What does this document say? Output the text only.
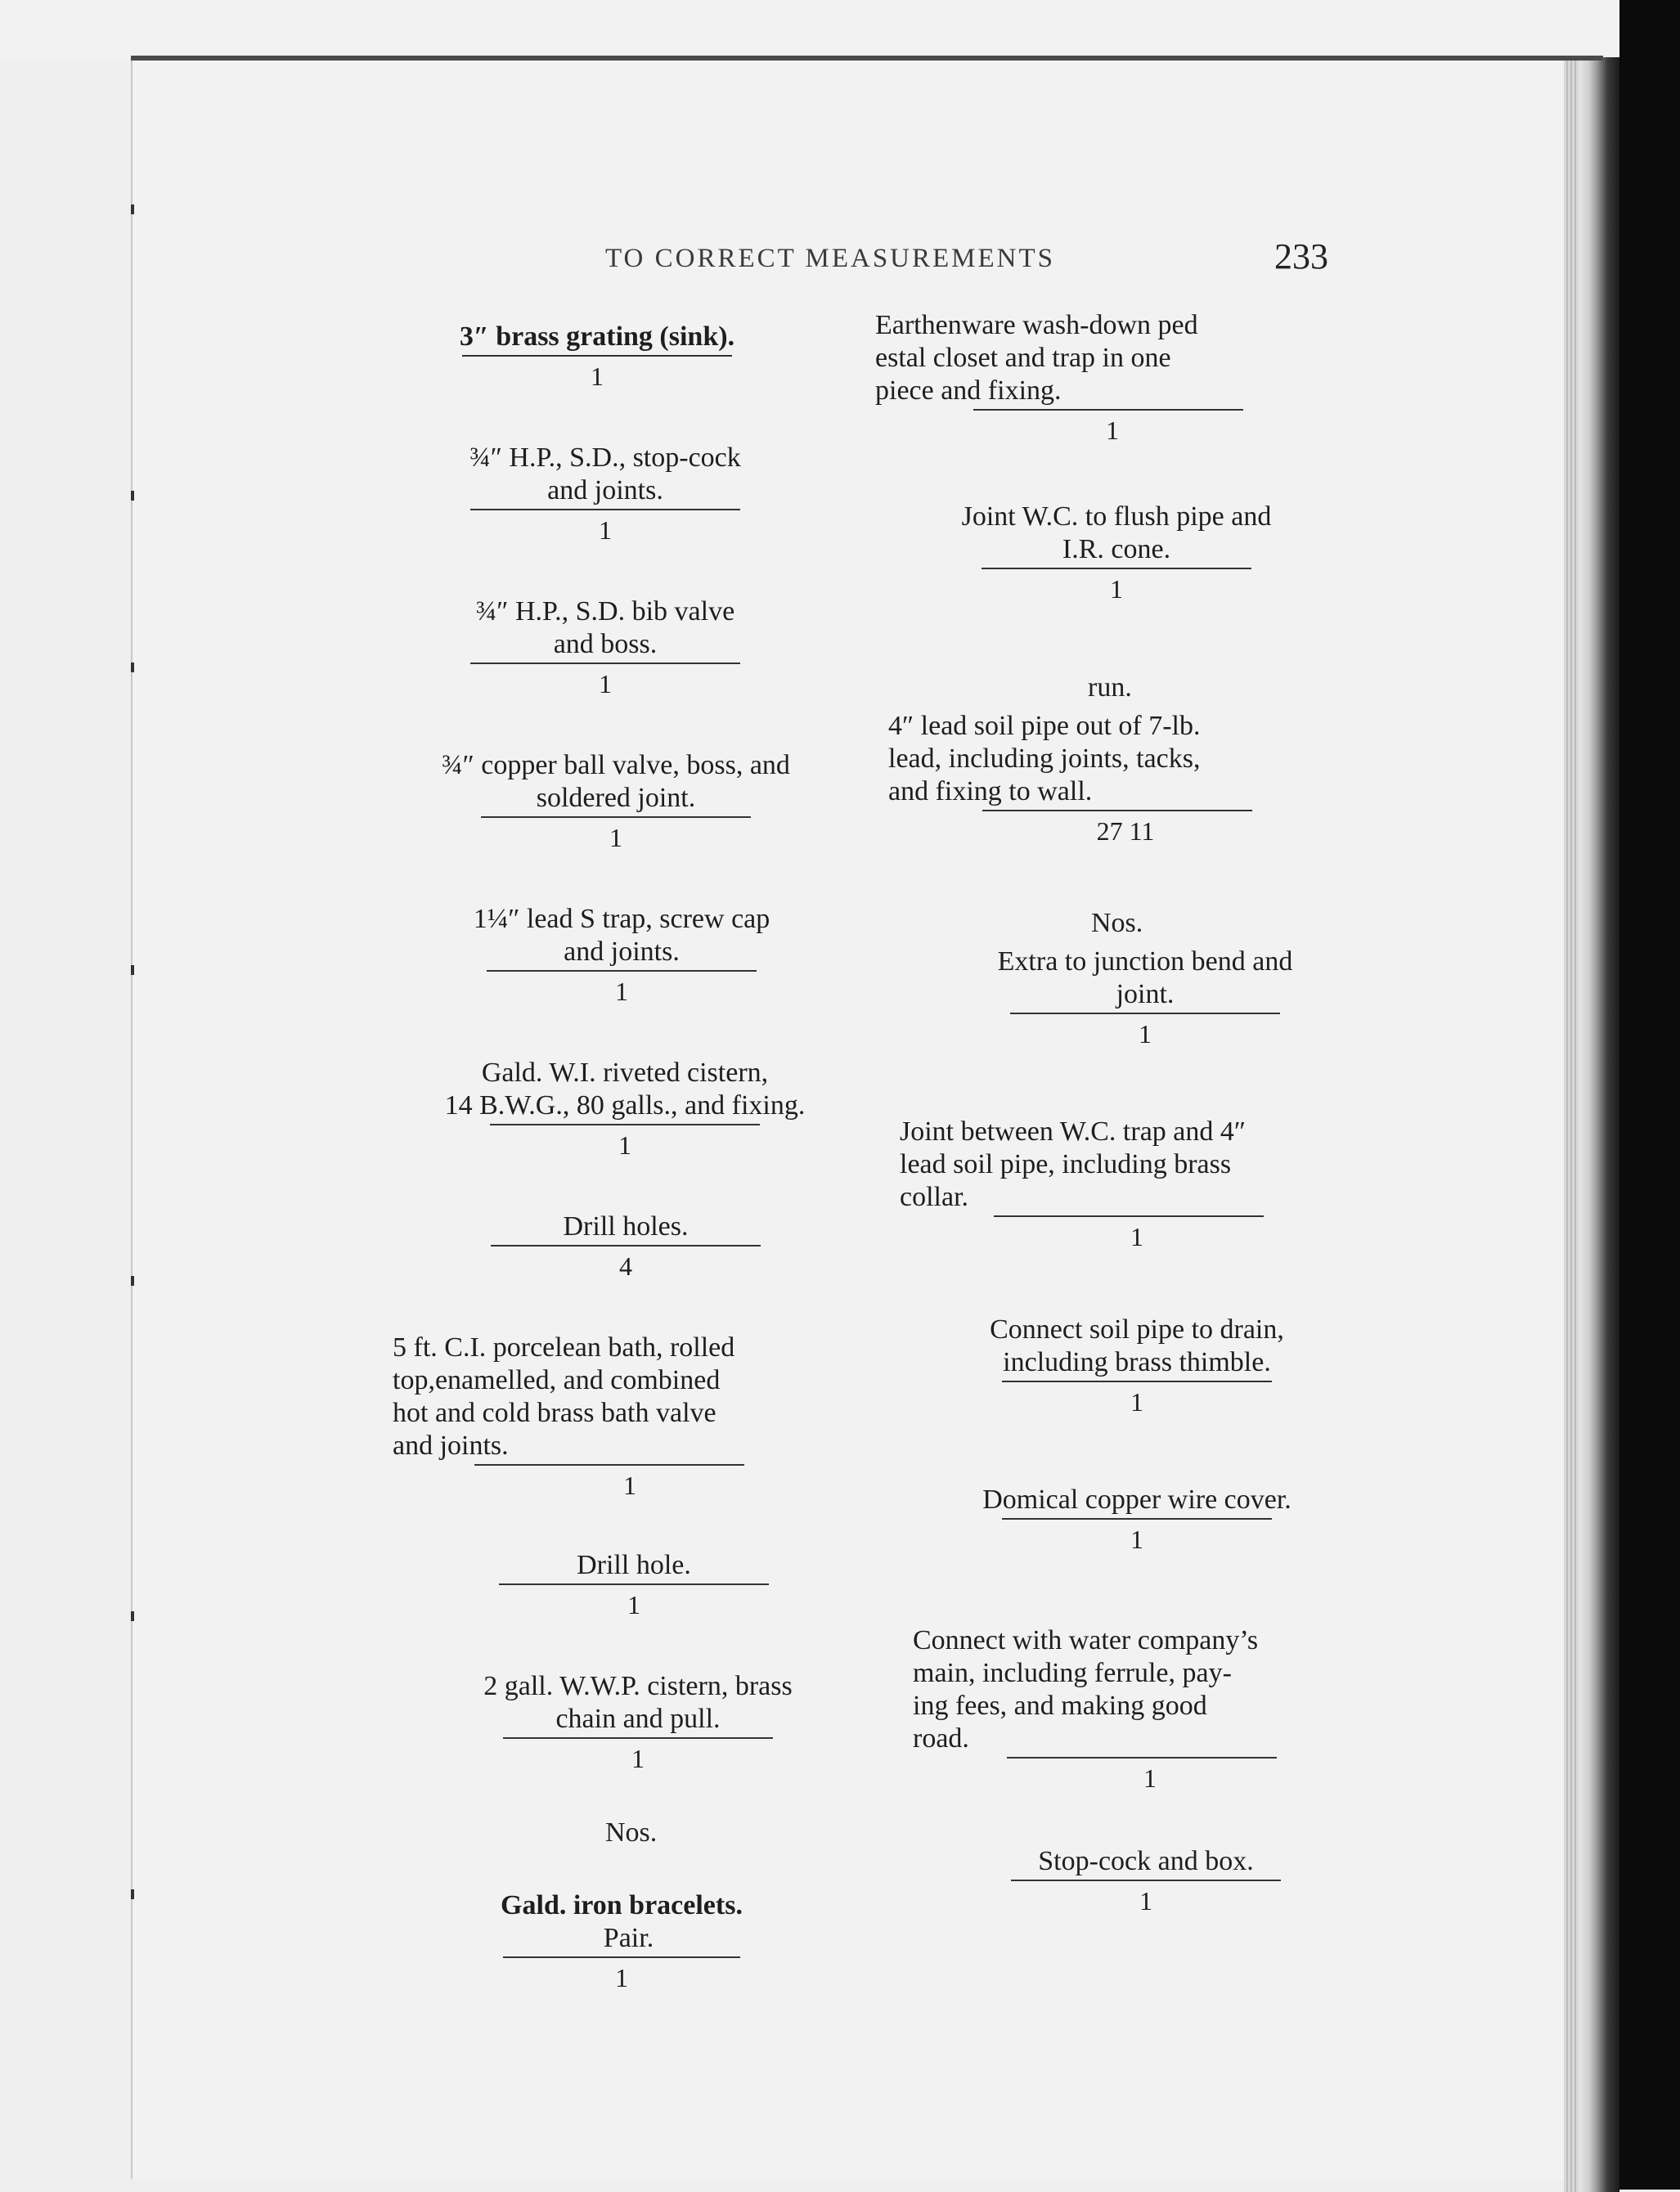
TO CORRECT MEASUREMENTS	233
3″ brass grating (sink).
1
¾″ H.P., S.D., stop-cock
and joints.
1
¾″ H.P., S.D. bib valve
and boss.
1
¾″ copper ball valve, boss, and
soldered joint.
1
1¼″ lead S trap, screw cap
and joints.
1
Gald. W.I. riveted cistern,
14 B.W.G., 80 galls., and fixing.
1
Drill holes.
4
5 ft. C.I. porcelean bath, rolled
top,enamelled, and combined
hot and cold brass bath valve
and joints.
1
Drill hole.
1
2 gall. W.W.P. cistern, brass
chain and pull.
1
Nos.

Gald. iron bracelets.
Pair.

1
Earthenware wash-down ped
estal closet and trap in one
piece and fixing.
1
Joint W.C. to flush pipe and
I.R. cone.
1
run.
4″ lead soil pipe out of 7-lb.
lead, including joints, tacks,
and fixing to wall.
27 11
Nos.
Extra to junction bend and
joint.
1
Joint between W.C. trap and 4″
lead soil pipe, including brass
collar.
1
Connect soil pipe to drain,
including brass thimble.
1
Domical copper wire cover.
1
Connect with water company’s
main, including ferrule, pay-
ing fees, and making good
road.
1
Stop-cock and box.
1
